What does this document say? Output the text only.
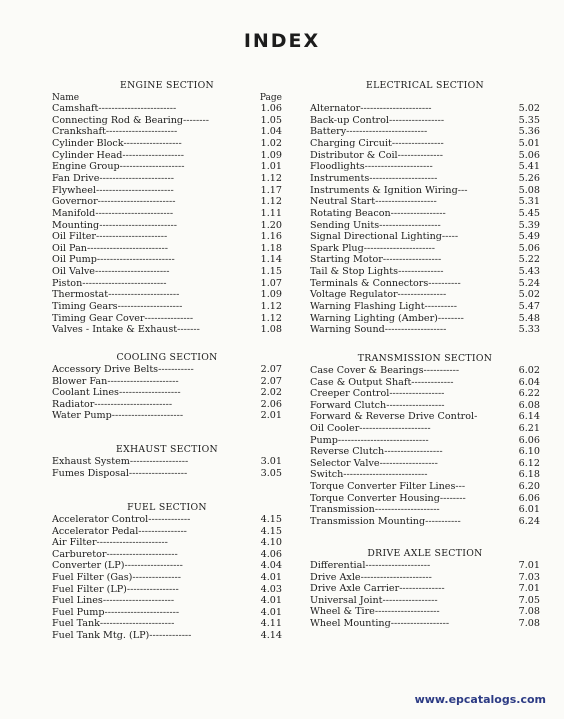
INDEX
ENGINE SECTION
Name	Page
Camshaft------------------------	1.06
Connecting Rod & Bearing--------	1.05
Crankshaft----------------------	1.04
Cylinder Block------------------	1.02
Cylinder Head-------------------	1.09
Engine Group--------------------	1.01
Fan Drive-----------------------	1.12
Flywheel------------------------	1.17
Governor------------------------	1.12
Manifold------------------------	1.11
Mounting------------------------	1.20
Oil Filter----------------------	1.16
Oil Pan-------------------------	1.18
Oil Pump------------------------	1.14
Oil Valve-----------------------	1.15
Piston--------------------------	1.07
Thermostat----------------------	1.09
Timing Gears--------------------	1.12
Timing Gear Cover---------------	1.12
Valves - Intake & Exhaust-------	1.08
ELECTRICAL SECTION
Alternator----------------------	5.02
Back-up Control-----------------	5.35
Battery-------------------------	5.36
Charging Circuit----------------	5.01
Distributor & Coil--------------	5.06
Floodlights---------------------	5.41
Instruments---------------------	5.26
Instruments & Ignition Wiring---	5.08
Neutral Start-------------------	5.31
Rotating Beacon-----------------	5.45
Sending Units-------------------	5.39
Signal Directional Lighting-----	5.49
Spark Plug----------------------	5.06
Starting Motor------------------	5.22
Tail & Stop Lights--------------	5.43
Terminals & Connectors----------	5.24
Voltage Regulator---------------	5.02
Warning Flashing Light----------	5.47
Warning Lighting (Amber)--------	5.48
Warning Sound-------------------	5.33
COOLING SECTION
Accessory Drive Belts-----------	2.07
Blower Fan----------------------	2.07
Coolant Lines-------------------	2.02
Radiator------------------------	2.06
Water Pump----------------------	2.01
EXHAUST SECTION
Exhaust System------------------	3.01
Fumes Disposal------------------	3.05
FUEL SECTION
Accelerator Control-------------	4.15
Accelerator Pedal---------------	4.15
Air Filter----------------------	4.10
Carburetor----------------------	4.06
Converter (LP)------------------	4.04
Fuel Filter (Gas)---------------	4.01
Fuel Filter (LP)----------------	4.03
Fuel Lines----------------------	4.01
Fuel Pump-----------------------	4.01
Fuel Tank-----------------------	4.11
Fuel Tank Mtg. (LP)-------------	4.14
TRANSMISSION SECTION
Case Cover & Bearings-----------	6.02
Case & Output Shaft-------------	6.04
Creeper Control-----------------	6.22
Forward Clutch------------------	6.08
Forward & Reverse Drive Control-	6.14
Oil Cooler----------------------	6.21
Pump----------------------------	6.06
Reverse Clutch------------------	6.10
Selector Valve------------------	6.12
Switch--------------------------	6.18
Torque Converter Filter Lines---	6.20
Torque Converter Housing--------	6.06
Transmission--------------------	6.01
Transmission Mounting-----------	6.24
DRIVE AXLE SECTION
Differential--------------------	7.01
Drive Axle----------------------	7.03
Drive Axle Carrier--------------	7.01
Universal Joint-----------------	7.05
Wheel & Tire--------------------	7.08
Wheel Mounting------------------	7.08
www.epcatalogs.com
